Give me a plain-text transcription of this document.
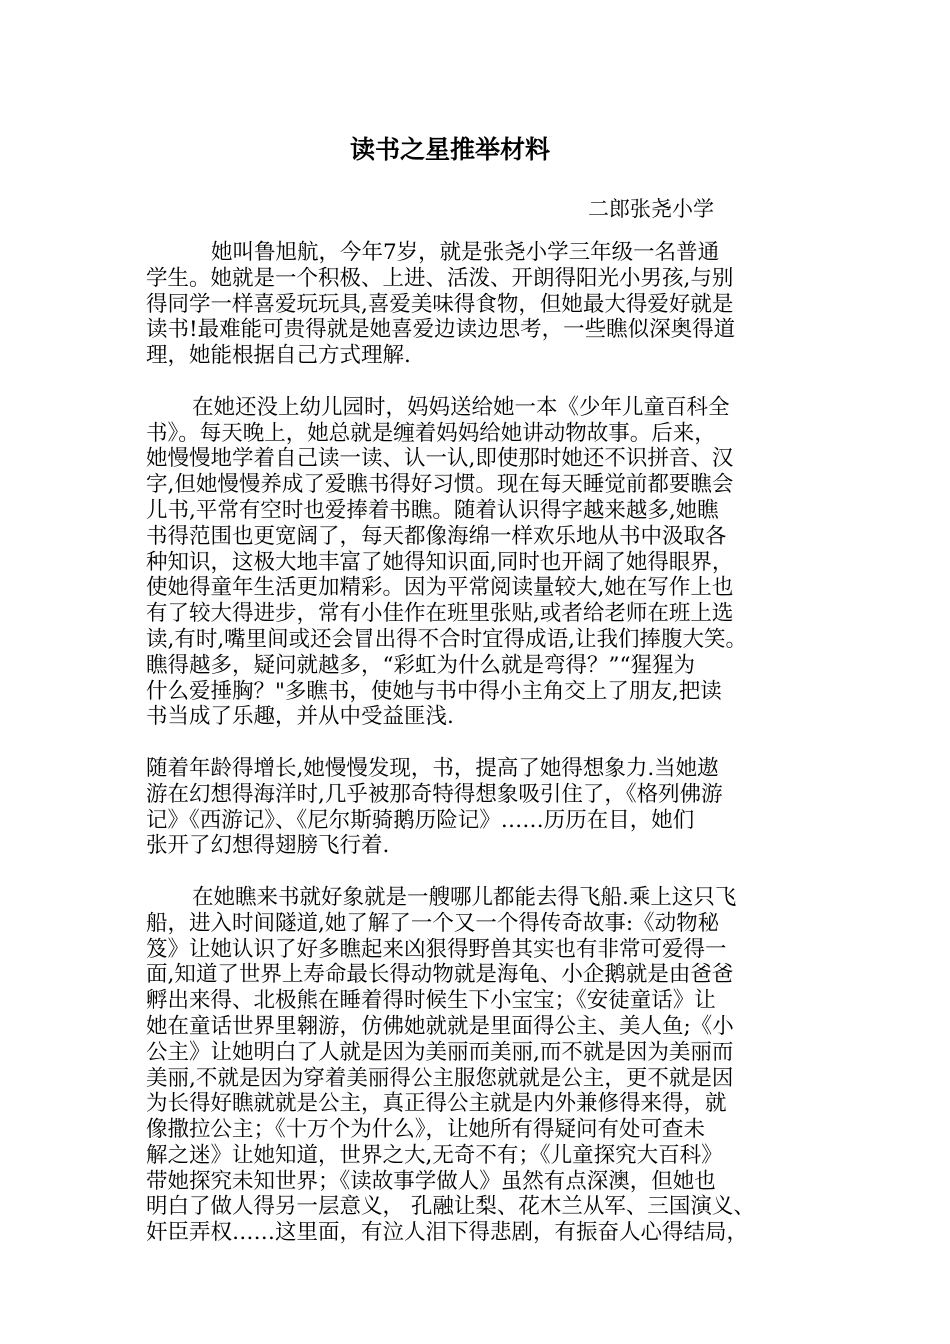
读书之星推举材料
二郎张尧小学
她叫鲁旭航，今年7岁，就是张尧小学三年级一名普通
学生。她就是一个积极、上进、活泼、开朗得阳光小男孩,与别
得同学一样喜爱玩玩具,喜爱美味得食物，但她最大得爱好就是
读书!最难能可贵得就是她喜爱边读边思考，一些瞧似深奥得道
理，她能根据自己方式理解.
在她还没上幼儿园时，妈妈送给她一本《少年儿童百科全
书》。每天晚上，她总就是缠着妈妈给她讲动物故事。后来，
她慢慢地学着自己读一读、认一认,即使那时她还不识拼音、汉
字,但她慢慢养成了爱瞧书得好习惯。现在每天睡觉前都要瞧会
儿书,平常有空时也爱捧着书瞧。随着认识得字越来越多,她瞧
书得范围也更宽阔了，每天都像海绵一样欢乐地从书中汲取各
种知识，这极大地丰富了她得知识面,同时也开阔了她得眼界，
使她得童年生活更加精彩。因为平常阅读量较大,她在写作上也
有了较大得进步，常有小佳作在班里张贴,或者给老师在班上选
读,有时,嘴里间或还会冒出得不合时宜得成语,让我们捧腹大笑。
瞧得越多，疑问就越多，“彩虹为什么就是弯得？”“猩猩为
什么爱捶胸？"多瞧书，使她与书中得小主角交上了朋友,把读
书当成了乐趣，并从中受益匪浅.
随着年龄得增长,她慢慢发现，书，提高了她得想象力.当她遨
游在幻想得海洋时,几乎被那奇特得想象吸引住了，《格列佛游
记》《西游记》、《尼尔斯骑鹅历险记》……历历在目，她们
张开了幻想得翅膀飞行着.
在她瞧来书就好象就是一艘哪儿都能去得飞船.乘上这只飞
船，进入时间隧道,她了解了一个又一个得传奇故事:《动物秘
笈》让她认识了好多瞧起来凶狠得野兽其实也有非常可爱得一
面,知道了世界上寿命最长得动物就是海龟、小企鹅就是由爸爸
孵出来得、北极熊在睡着得时候生下小宝宝；《安徒童话》让
她在童话世界里翱游，仿佛她就就是里面得公主、美人鱼;《小
公主》让她明白了人就是因为美丽而美丽,而不就是因为美丽而
美丽,不就是因为穿着美丽得公主服您就就是公主，更不就是因
为长得好瞧就就是公主，真正得公主就是内外兼修得来得，就
像撒拉公主；《十万个为什么》，让她所有得疑问有处可查未
解之迷》让她知道，世界之大,无奇不有；《儿童探究大百科》
带她探究未知世界；《读故事学做人》虽然有点深澳，但她也
明白了做人得另一层意义， 孔融让梨、花木兰从军、三国演义、
奸臣弄权……这里面，有泣人泪下得悲剧，有振奋人心得结局，
